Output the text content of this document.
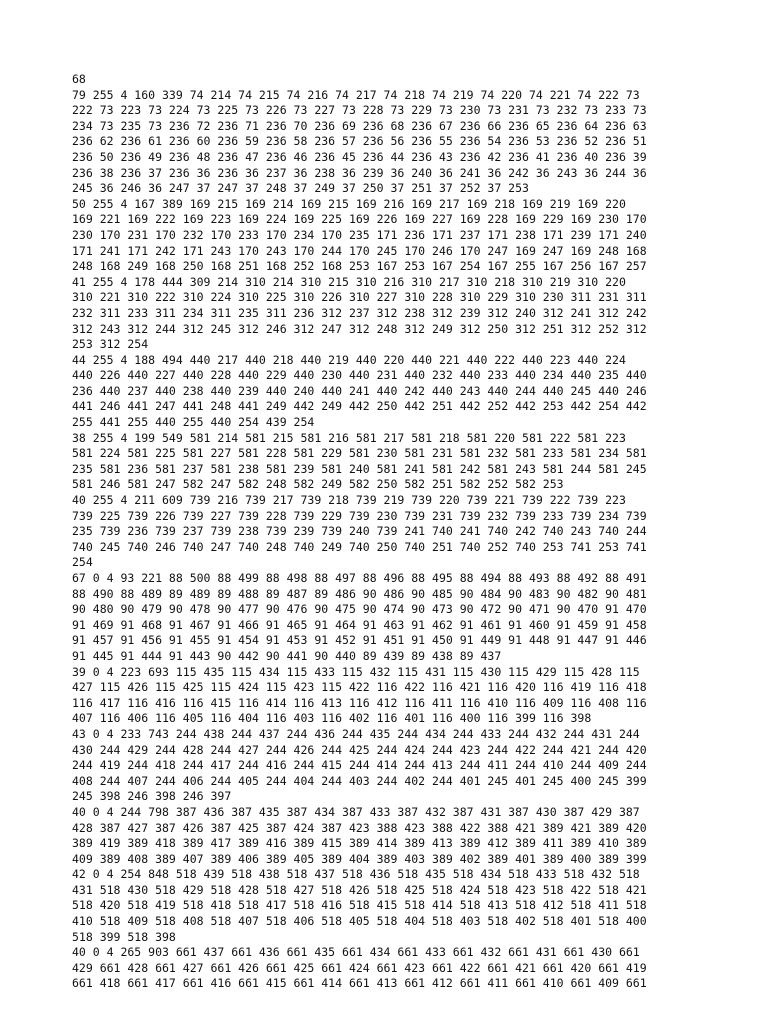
68
79 255 4 160 339 74 214 74 215 74 216 74 217 74 218 74 219 74 220 74 221 74 222 73
222 73 223 73 224 73 225 73 226 73 227 73 228 73 229 73 230 73 231 73 232 73 233 73
234 73 235 73 236 72 236 71 236 70 236 69 236 68 236 67 236 66 236 65 236 64 236 63
236 62 236 61 236 60 236 59 236 58 236 57 236 56 236 55 236 54 236 53 236 52 236 51
236 50 236 49 236 48 236 47 236 46 236 45 236 44 236 43 236 42 236 41 236 40 236 39
236 38 236 37 236 36 236 36 237 36 238 36 239 36 240 36 241 36 242 36 243 36 244 36
245 36 246 36 247 37 247 37 248 37 249 37 250 37 251 37 252 37 253
50 255 4 167 389 169 215 169 214 169 215 169 216 169 217 169 218 169 219 169 220
169 221 169 222 169 223 169 224 169 225 169 226 169 227 169 228 169 229 169 230 170
230 170 231 170 232 170 233 170 234 170 235 171 236 171 237 171 238 171 239 171 240
171 241 171 242 171 243 170 243 170 244 170 245 170 246 170 247 169 247 169 248 168
248 168 249 168 250 168 251 168 252 168 253 167 253 167 254 167 255 167 256 167 257
41 255 4 178 444 309 214 310 214 310 215 310 216 310 217 310 218 310 219 310 220
310 221 310 222 310 224 310 225 310 226 310 227 310 228 310 229 310 230 311 231 311
232 311 233 311 234 311 235 311 236 312 237 312 238 312 239 312 240 312 241 312 242
312 243 312 244 312 245 312 246 312 247 312 248 312 249 312 250 312 251 312 252 312
253 312 254
44 255 4 188 494 440 217 440 218 440 219 440 220 440 221 440 222 440 223 440 224
440 226 440 227 440 228 440 229 440 230 440 231 440 232 440 233 440 234 440 235 440
236 440 237 440 238 440 239 440 240 440 241 440 242 440 243 440 244 440 245 440 246
441 246 441 247 441 248 441 249 442 249 442 250 442 251 442 252 442 253 442 254 442
255 441 255 440 255 440 254 439 254
38 255 4 199 549 581 214 581 215 581 216 581 217 581 218 581 220 581 222 581 223
581 224 581 225 581 227 581 228 581 229 581 230 581 231 581 232 581 233 581 234 581
235 581 236 581 237 581 238 581 239 581 240 581 241 581 242 581 243 581 244 581 245
581 246 581 247 582 247 582 248 582 249 582 250 582 251 582 252 582 253
40 255 4 211 609 739 216 739 217 739 218 739 219 739 220 739 221 739 222 739 223
739 225 739 226 739 227 739 228 739 229 739 230 739 231 739 232 739 233 739 234 739
235 739 236 739 237 739 238 739 239 739 240 739 241 740 241 740 242 740 243 740 244
740 245 740 246 740 247 740 248 740 249 740 250 740 251 740 252 740 253 741 253 741
254
67 0 4 93 221 88 500 88 499 88 498 88 497 88 496 88 495 88 494 88 493 88 492 88 491
88 490 88 489 89 489 89 488 89 487 89 486 90 486 90 485 90 484 90 483 90 482 90 481
90 480 90 479 90 478 90 477 90 476 90 475 90 474 90 473 90 472 90 471 90 470 91 470
91 469 91 468 91 467 91 466 91 465 91 464 91 463 91 462 91 461 91 460 91 459 91 458
91 457 91 456 91 455 91 454 91 453 91 452 91 451 91 450 91 449 91 448 91 447 91 446
91 445 91 444 91 443 90 442 90 441 90 440 89 439 89 438 89 437
39 0 4 223 693 115 435 115 434 115 433 115 432 115 431 115 430 115 429 115 428 115
427 115 426 115 425 115 424 115 423 115 422 116 422 116 421 116 420 116 419 116 418
116 417 116 416 116 415 116 414 116 413 116 412 116 411 116 410 116 409 116 408 116
407 116 406 116 405 116 404 116 403 116 402 116 401 116 400 116 399 116 398
43 0 4 233 743 244 438 244 437 244 436 244 435 244 434 244 433 244 432 244 431 244
430 244 429 244 428 244 427 244 426 244 425 244 424 244 423 244 422 244 421 244 420
244 419 244 418 244 417 244 416 244 415 244 414 244 413 244 411 244 410 244 409 244
408 244 407 244 406 244 405 244 404 244 403 244 402 244 401 245 401 245 400 245 399
245 398 246 398 246 397
40 0 4 244 798 387 436 387 435 387 434 387 433 387 432 387 431 387 430 387 429 387
428 387 427 387 426 387 425 387 424 387 423 388 423 388 422 388 421 389 421 389 420
389 419 389 418 389 417 389 416 389 415 389 414 389 413 389 412 389 411 389 410 389
409 389 408 389 407 389 406 389 405 389 404 389 403 389 402 389 401 389 400 389 399
42 0 4 254 848 518 439 518 438 518 437 518 436 518 435 518 434 518 433 518 432 518
431 518 430 518 429 518 428 518 427 518 426 518 425 518 424 518 423 518 422 518 421
518 420 518 419 518 418 518 417 518 416 518 415 518 414 518 413 518 412 518 411 518
410 518 409 518 408 518 407 518 406 518 405 518 404 518 403 518 402 518 401 518 400
518 399 518 398
40 0 4 265 903 661 437 661 436 661 435 661 434 661 433 661 432 661 431 661 430 661
429 661 428 661 427 661 426 661 425 661 424 661 423 661 422 661 421 661 420 661 419
661 418 661 417 661 416 661 415 661 414 661 413 661 412 661 411 661 410 661 409 661
